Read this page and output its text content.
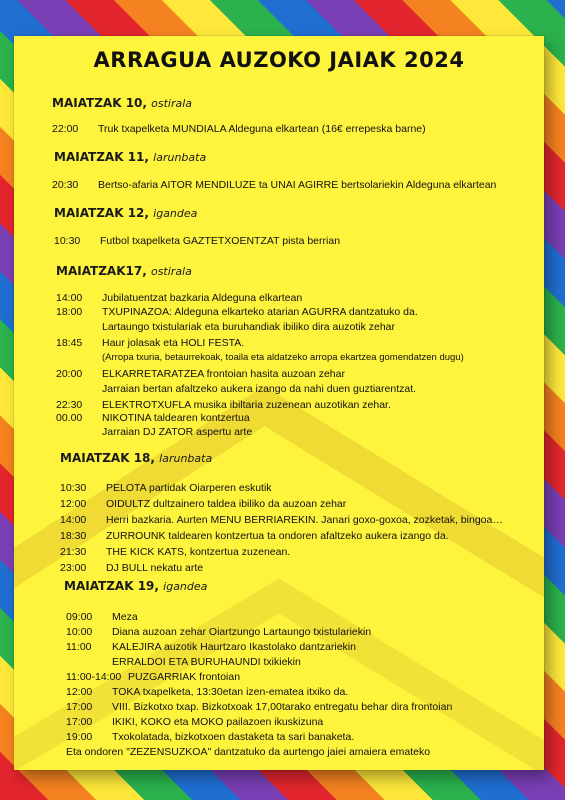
ARRAGUA AUZOKO JAIAK 2024
MAIATZAK 10, ostirala
22:00 Truk txapelketa MUNDIALA Aldeguna elkartean (16€ errepeska barne)
MAIATZAK 11, larunbata
20:30 Bertso-afaria AITOR MENDILUZE ta UNAI AGIRRE bertsolariekin Aldeguna elkartean
MAIATZAK 12, igandea
10:30 Futbol txapelketa GAZTETXOENTZAT pista berrian
MAIATZAK17, ostirala
14:00 Jubilatuentzat bazkaria Aldeguna elkartean
18:00 TXUPINAZOA: Aldeguna elkarteko atarian AGURRA dantzatuko da.
Lartaungo txistulariak eta buruhandiak ibiliko dira auzotik zehar
18:45 Haur jolasak eta HOLI FESTA.
(Arropa txuria, betaurrekoak, toaila eta aldatzeko arropa ekartzea gomendatzen dugu)
20:00 ELKARRETARATZEA frontoian hasita auzoan zehar
Jarraian bertan afaltzeko aukera izango da nahi duen guztiarentzat.
22:30 ELEKTROTXUFLA musika ibiltaria zuzenean auzotikan zehar.
00.00 NIKOTINA taldearen kontzertua
Jarraian DJ ZATOR aspertu arte
MAIATZAK 18, larunbata
10:30 PELOTA partidak Oiarperen eskutik
12:00 OIDULTZ dultzainero taldea ibiliko da auzoan zehar
14:00 Herri bazkaria. Aurten MENU BERRIAREKIN. Janari goxo-goxoa, zozketak, bingoa…
18:30 ZURROUNK taldearen kontzertua ta ondoren afaltzeko aukera izango da.
21:30 THE KICK KATS, kontzertua zuzenean.
23:00 DJ BULL nekatu arte
MAIATZAK 19, igandea
09:00 Meza
10:00 Diana auzoan zehar Oiartzungo Lartaungo txistulariekin
11:00 KALEJIRA auzotik Haurtzaro Ikastolako dantzariekin
ERRALDOI ETA BURUHAUNDI txikiekin
11:00-14:00 PUZGARRIAK frontoian
12:00 TOKA txapelketa, 13:30etan izen-ematea itxiko da.
17:00 VIII. Bizkotxo txap. Bizkotxoak 17,00tarako entregatu behar dira frontoian
17:00 IKIKI, KOKO eta MOKO pailazoen ikuskizuna
19:00 Txokolatada, bizkotxoen dastaketa ta sari banaketa.
Eta ondoren "ZEZENSUZKOA" dantzatuko da aurtengo jaiei amaiera emateko
